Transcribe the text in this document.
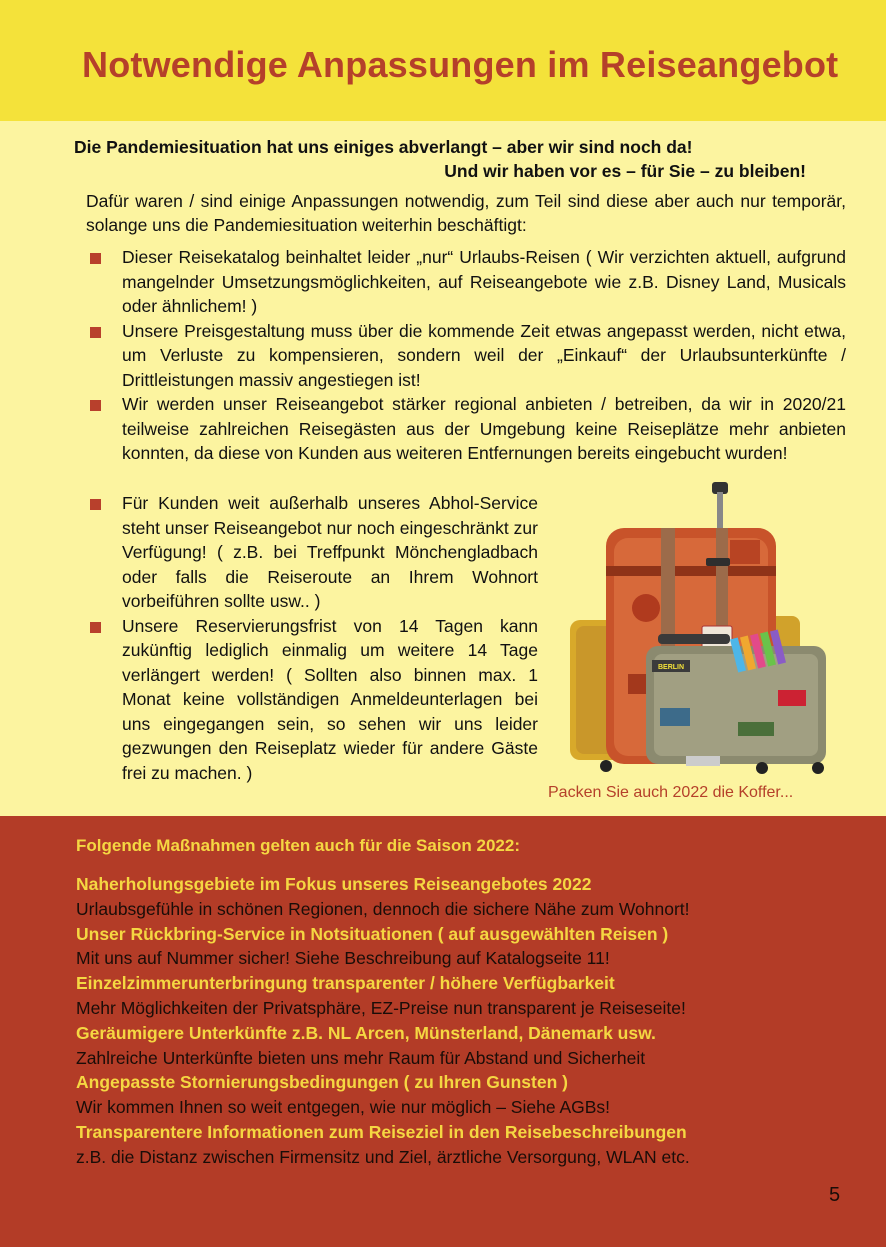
Notwendige Anpassungen im Reiseangebot
Die Pandemiesituation hat uns einiges abverlangt – aber wir sind noch da!
Und wir haben vor es – für Sie – zu bleiben!
Dafür waren / sind einige Anpassungen notwendig, zum Teil sind diese aber auch nur temporär, solange uns die Pandemiesituation weiterhin beschäftigt:
Dieser Reisekatalog beinhaltet leider „nur“ Urlaubs-Reisen ( Wir verzichten aktuell, aufgrund mangelnder Umsetzungsmöglichkeiten, auf Reiseangebote wie z.B. Disney Land, Musicals oder ähnlichem! )
Unsere Preisgestaltung muss über die kommende Zeit etwas angepasst werden, nicht etwa, um Verluste zu kompensieren, sondern weil der „Einkauf“ der Urlaubsunterkünfte / Drittleistungen massiv angestiegen ist!
Wir werden unser Reiseangebot stärker regional anbieten / betreiben, da wir in 2020/21 teilweise zahlreichen Reisegästen aus der Umgebung keine Reiseplätze mehr anbieten konnten, da diese von Kunden aus weiteren Entfernungen bereits eingebucht wurden!
Für Kunden weit außerhalb unseres Abhol-Service steht unser Reiseangebot nur noch eingeschränkt zur Verfügung! ( z.B. bei Treffpunkt Mönchengladbach oder falls die Reiseroute an Ihrem Wohnort vorbeiführen sollte usw.. )
Unsere Reservierungsfrist von 14 Tagen kann zukünftig lediglich einmalig um weitere 14 Tage verlängert werden! ( Sollten also binnen max. 1 Monat keine vollständigen Anmeldeunterlagen bei uns eingegangen sein, so sehen wir uns leider gezwungen den Reiseplatz wieder für andere Gäste frei zu machen. )
BERLIN
Packen Sie auch 2022 die Koffer...
Folgende Maßnahmen gelten auch für die Saison 2022:
Naherholungsgebiete im Fokus unseres Reiseangebotes 2022
Urlaubsgefühle in schönen Regionen, dennoch die sichere Nähe zum Wohnort!
Unser Rückbring-Service in Notsituationen ( auf ausgewählten Reisen )
Mit uns auf Nummer sicher! Siehe Beschreibung auf Katalogseite 11!
Einzelzimmerunterbringung transparenter / höhere Verfügbarkeit
Mehr Möglichkeiten der Privatsphäre, EZ-Preise nun transparent je Reiseseite!
Geräumigere Unterkünfte z.B. NL Arcen, Münsterland, Dänemark usw.
Zahlreiche Unterkünfte bieten uns mehr Raum für Abstand und Sicherheit
Angepasste Stornierungsbedingungen ( zu Ihren Gunsten )
Wir kommen Ihnen so weit entgegen, wie nur möglich – Siehe AGBs!
Transparentere Informationen zum Reiseziel in den Reisebeschreibungen
z.B. die Distanz zwischen Firmensitz und Ziel, ärztliche Versorgung, WLAN etc.
5
